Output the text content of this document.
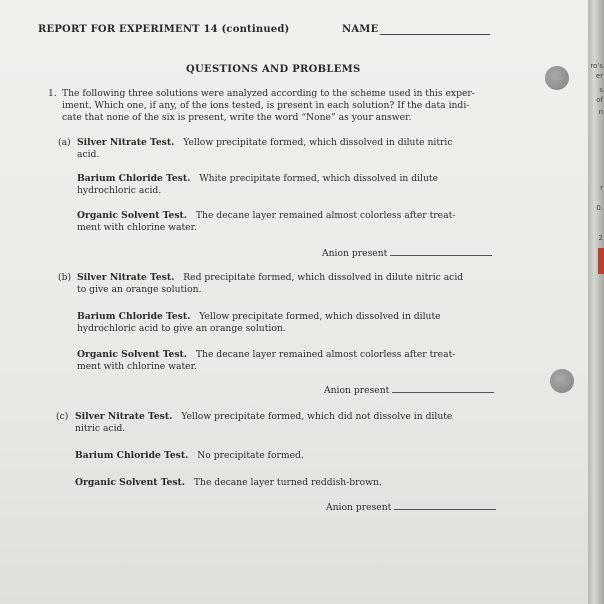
REPORT FOR EXPERIMENT 14 (continued)	NAME
QUESTIONS AND PROBLEMS
1. The following three solutions were analyzed according to the scheme used in this exper-
iment. Which one, if any, of the ions tested, is present in each solution? If the data indi-
cate that none of the six is present, write the word “None” as your answer.
(a) Silver Nitrate Test. Yellow precipitate formed, which dissolved in dilute nitric
acid.
Barium Chloride Test. White precipitate formed, which dissolved in dilute
hydrochloric acid.
Organic Solvent Test. The decane layer remained almost colorless after treat-
ment with chlorine water.
Anion present
(b) Silver Nitrate Test. Red precipitate formed, which dissolved in dilute nitric acid
to give an orange solution.
Barium Chloride Test. Yellow precipitate formed, which dissolved in dilute
hydrochloric acid to give an orange solution.
Organic Solvent Test. The decane layer remained almost colorless after treat-
ment with chlorine water.
Anion present
(c) Silver Nitrate Test. Yellow precipitate formed, which did not dissolve in dilute
nitric acid.
Barium Chloride Test. No precipitate formed.
Organic Solvent Test. The decane layer turned reddish-brown.
Anion present
ro's
er
s
of
n
r
0.
2
